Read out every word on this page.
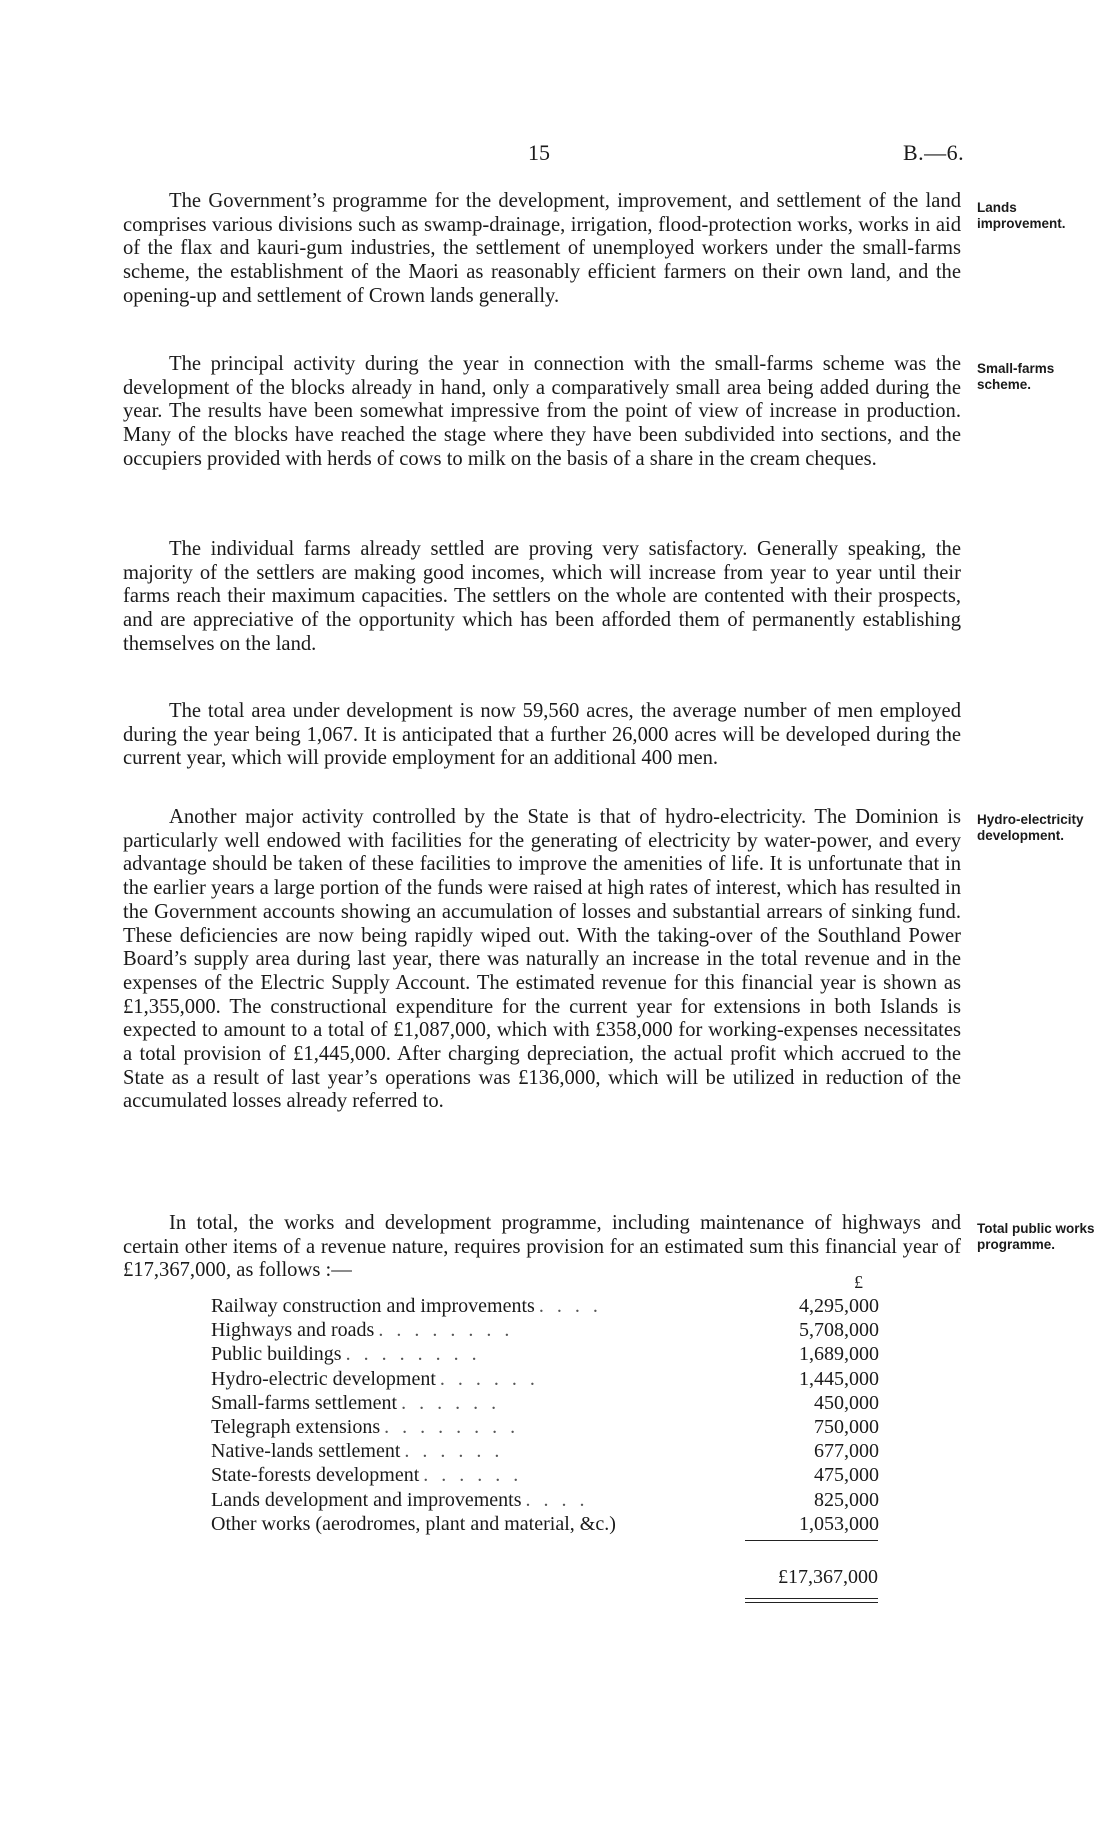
15	B.—6.

The Government’s programme for the development, improvement, and settlement of the land comprises various divisions such as swamp-drainage, irrigation, flood-protection works, works in aid of the flax and kauri-gum industries, the settlement of unemployed workers under the small-farms scheme, the establishment of the Maori as reasonably efficient farmers on their own land, and the opening-up and settlement of Crown lands generally.

The principal activity during the year in connection with the small-farms scheme was the development of the blocks already in hand, only a comparatively small area being added during the year. The results have been somewhat impressive from the point of view of increase in production. Many of the blocks have reached the stage where they have been subdivided into sections, and the occupiers provided with herds of cows to milk on the basis of a share in the cream cheques.

The individual farms already settled are proving very satisfactory. Generally speaking, the majority of the settlers are making good incomes, which will increase from year to year until their farms reach their maximum capacities. The settlers on the whole are contented with their prospects, and are appreciative of the opportunity which has been afforded them of permanently establishing themselves on the land.

The total area under development is now 59,560 acres, the average number of men employed during the year being 1,067. It is anticipated that a further 26,000 acres will be developed during the current year, which will provide employment for an additional 400 men.

Another major activity controlled by the State is that of hydro-electricity. The Dominion is particularly well endowed with facilities for the generating of electricity by water-power, and every advantage should be taken of these facilities to improve the amenities of life. It is unfortunate that in the earlier years a large portion of the funds were raised at high rates of interest, which has resulted in the Government accounts showing an accumulation of losses and substantial arrears of sinking fund. These deficiencies are now being rapidly wiped out. With the taking-over of the Southland Power Board’s supply area during last year, there was naturally an increase in the total revenue and in the expenses of the Electric Supply Account. The estimated revenue for this financial year is shown as £1,355,000. The constructional expenditure for the current year for extensions in both Islands is expected to amount to a total of £1,087,000, which with £358,000 for working-expenses necessitates a total provision of £1,445,000. After charging depreciation, the actual profit which accrued to the State as a result of last year’s operations was £136,000, which will be utilized in reduction of the accumulated losses already referred to.

In total, the works and development programme, including maintenance of highways and certain other items of a revenue nature, requires provision for an estimated sum this financial year of £17,367,000, as follows :—

Lands improvement.
Small-farms scheme.
Hydro-electricity development.
Total public works programme.
£
Railway construction and improvements . . . .	4,295,000
Highways and roads . . . . . . . .	5,708,000
Public buildings . . . . . . . .	1,689,000
Hydro-electric development . . . . . .	1,445,000
Small-farms settlement . . . . . .	450,000
Telegraph extensions . . . . . . . .	750,000
Native-lands settlement . . . . . .	677,000
State-forests development . . . . . .	475,000
Lands development and improvements . . . .	825,000
Other works (aerodromes, plant and material, &c.)	1,053,000
£17,367,000
